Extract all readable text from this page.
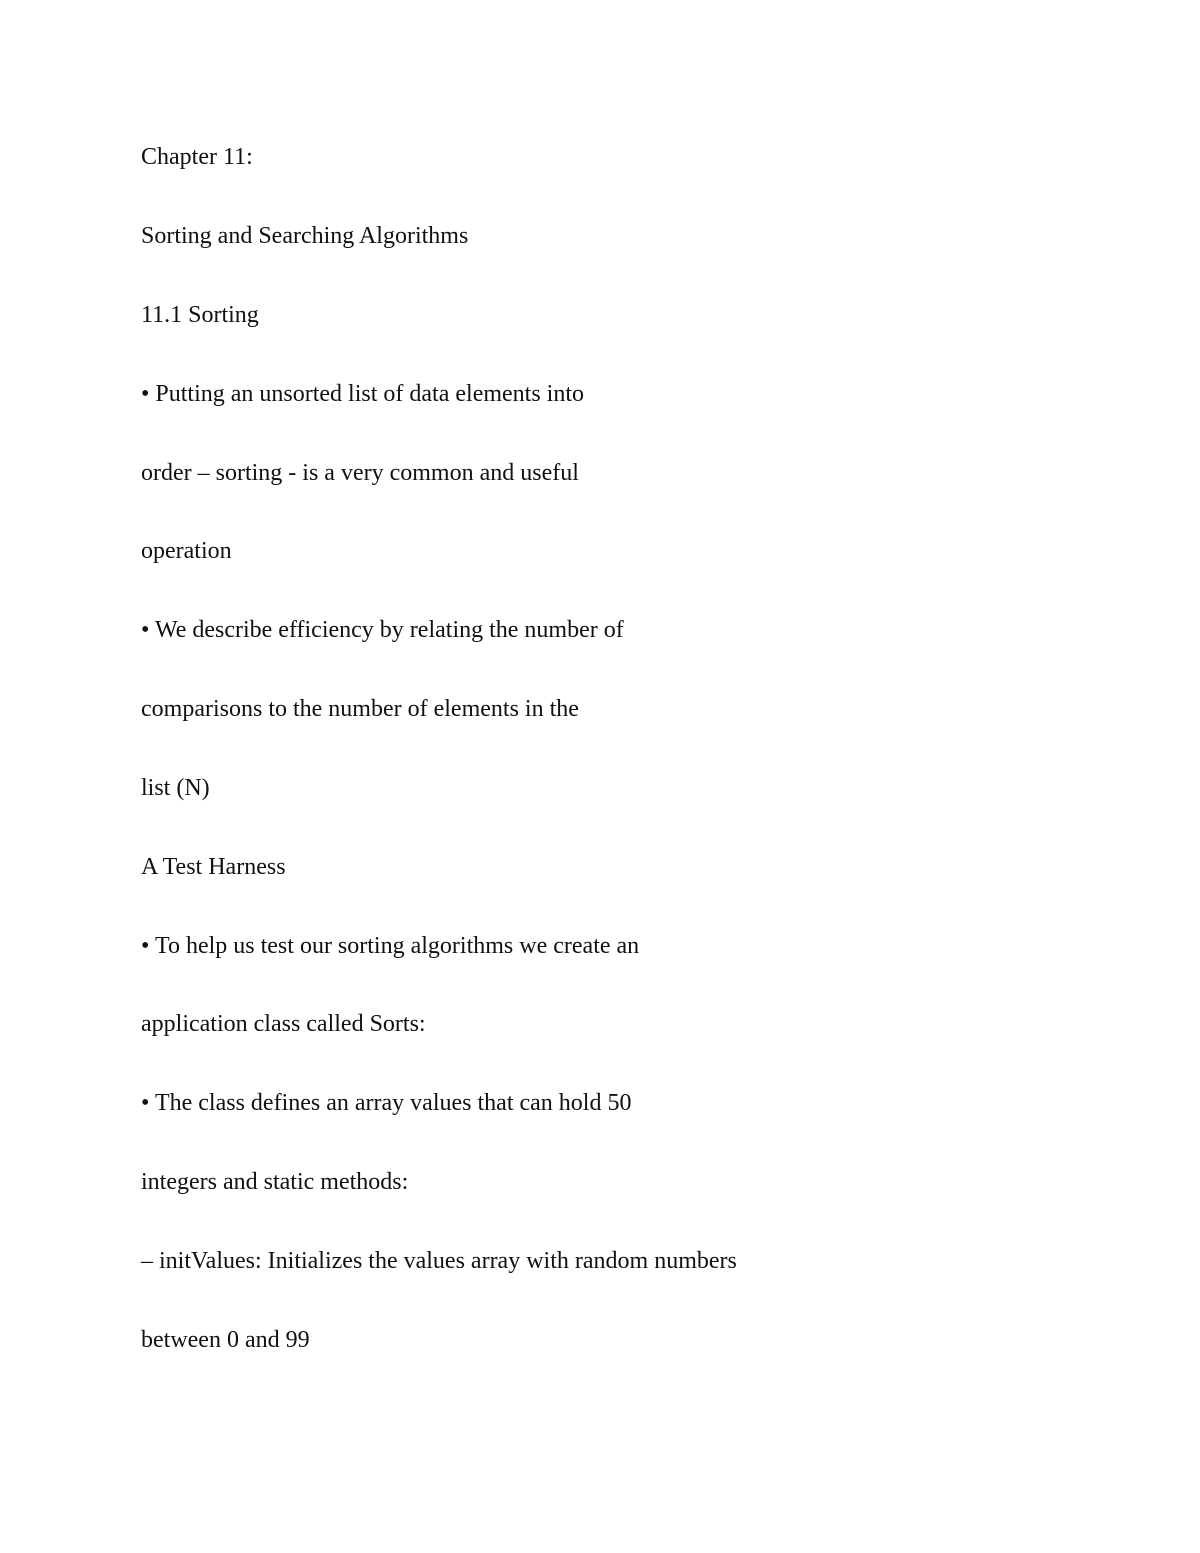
Chapter 11:

Sorting and Searching Algorithms

11.1 Sorting

• Putting an unsorted list of data elements into

order – sorting - is a very common and useful

operation

• We describe efficiency by relating the number of

comparisons to the number of elements in the

list (N)

A Test Harness

• To help us test our sorting algorithms we create an

application class called Sorts:

• The class defines an array values that can hold 50

integers and static methods:

– initValues: Initializes the values array with random numbers

between 0 and 99
